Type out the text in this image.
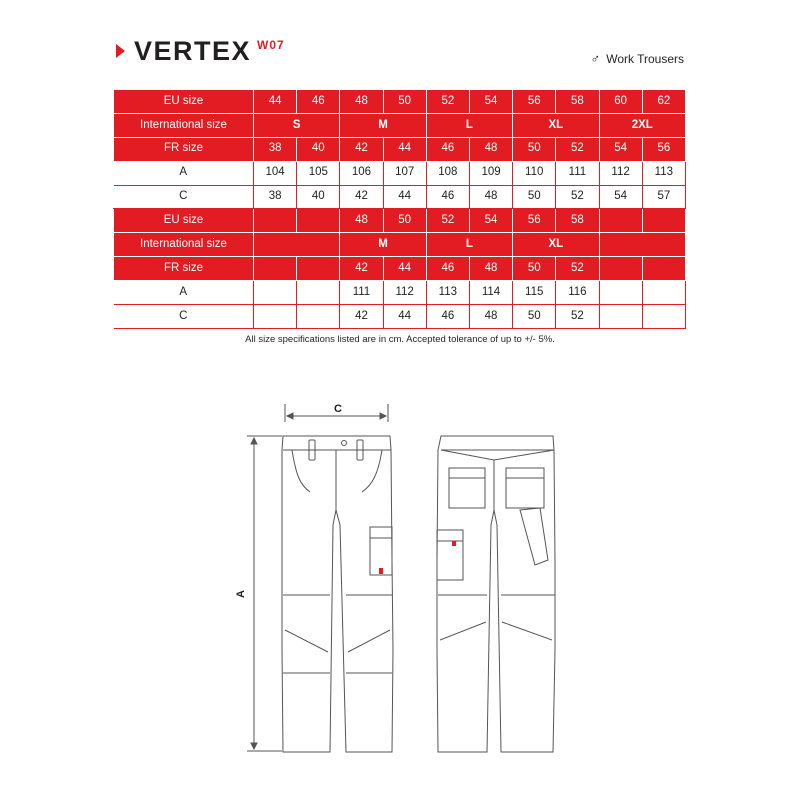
VERTEX W07
♂ Work Trousers
EU size	44	46	48	50	52	54	56	58	60	62
International size	S		M		L		XL		2XL	
FR size	38	40	42	44	46	48	50	52	54	56
A	104	105	106	107	108	109	110	111	112	113
C	38	40	42	44	46	48	50	52	54	57
EU size			48	50	52	54	56	58		
International size			M		L		XL			
FR size			42	44	46	48	50	52		
A			111	112	113	114	115	116		
C			42	44	46	48	50	52		
All size specifications listed are in cm. Accepted tolerance of up to +/- 5%.
C
A
